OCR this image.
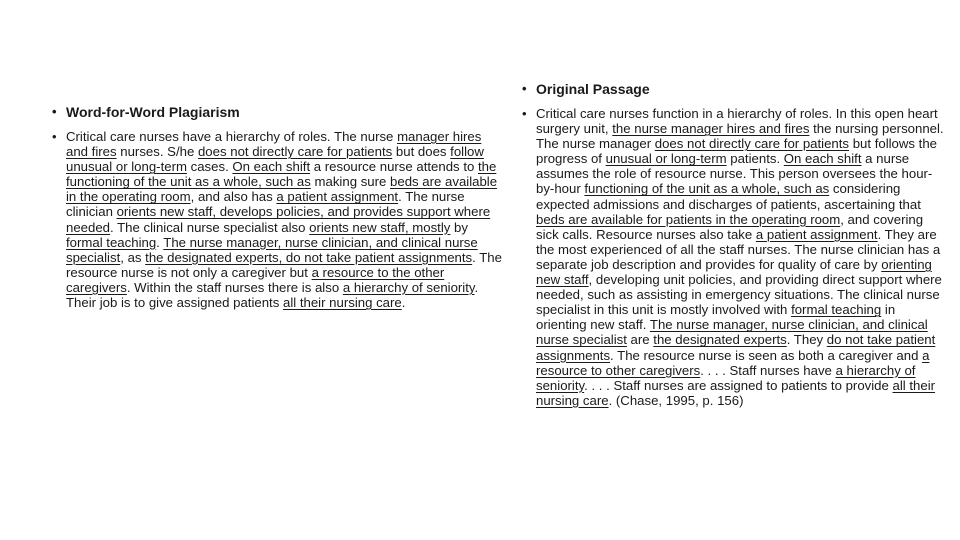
• Word-for-Word Plagiarism

• Critical care nurses have a hierarchy of roles. The nurse manager hires and fires nurses. S/he does not directly care for patients but does follow unusual or long-term cases. On each shift a resource nurse attends to the functioning of the unit as a whole, such as making sure beds are available in the operating room, and also has a patient assignment. The nurse clinician orients new staff, develops policies, and provides support where needed. The clinical nurse specialist also orients new staff, mostly by formal teaching. The nurse manager, nurse clinician, and clinical nurse specialist, as the designated experts, do not take patient assignments. The resource nurse is not only a caregiver but a resource to the other caregivers. Within the staff nurses there is also a hierarchy of seniority. Their job is to give assigned patients all their nursing care.

• Original Passage

• Critical care nurses function in a hierarchy of roles. In this open heart surgery unit, the nurse manager hires and fires the nursing personnel. The nurse manager does not directly care for patients but follows the progress of unusual or long-term patients. On each shift a nurse assumes the role of resource nurse. This person oversees the hour-by-hour functioning of the unit as a whole, such as considering expected admissions and discharges of patients, ascertaining that beds are available for patients in the operating room, and covering sick calls. Resource nurses also take a patient assignment. They are the most experienced of all the staff nurses. The nurse clinician has a separate job description and provides for quality of care by orienting new staff, developing unit policies, and providing direct support where needed, such as assisting in emergency situations. The clinical nurse specialist in this unit is mostly involved with formal teaching in orienting new staff. The nurse manager, nurse clinician, and clinical nurse specialist are the designated experts. They do not take patient assignments. The resource nurse is seen as both a caregiver and a resource to other caregivers. . . . Staff nurses have a hierarchy of seniority. . . . Staff nurses are assigned to patients to provide all their nursing care. (Chase, 1995, p. 156)
